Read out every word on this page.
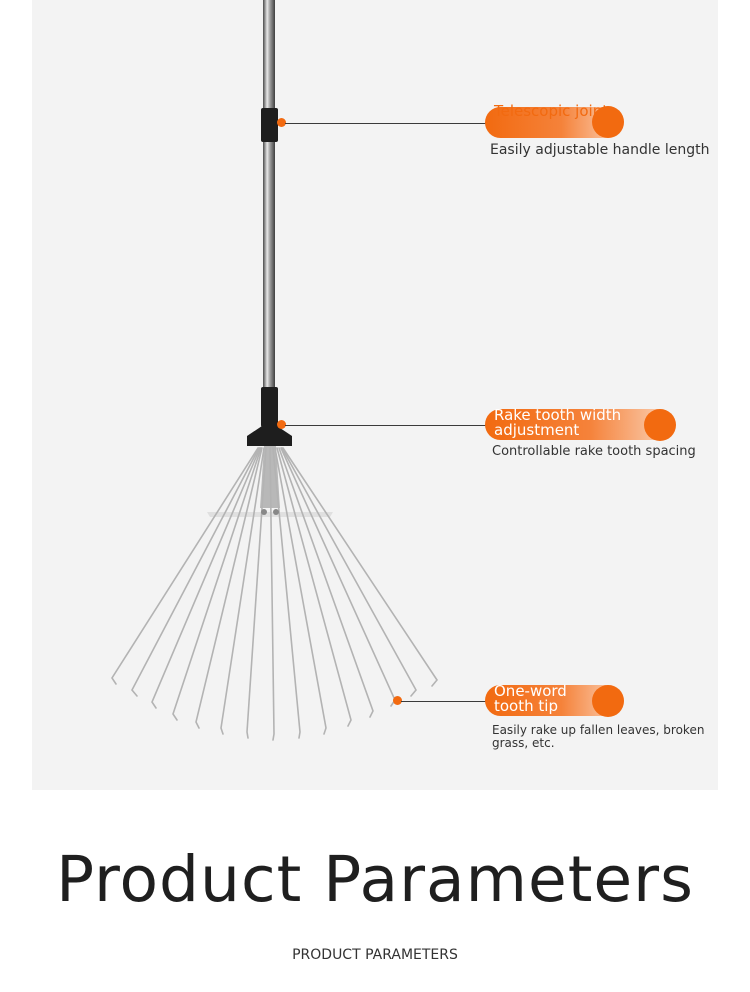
Telescopic joint
Easily adjustable handle length
Rake tooth width adjustment
Controllable rake tooth spacing
One-word tooth tip
Easily rake up fallen leaves, broken grass, etc.
Product Parameters
PRODUCT PARAMETERS
